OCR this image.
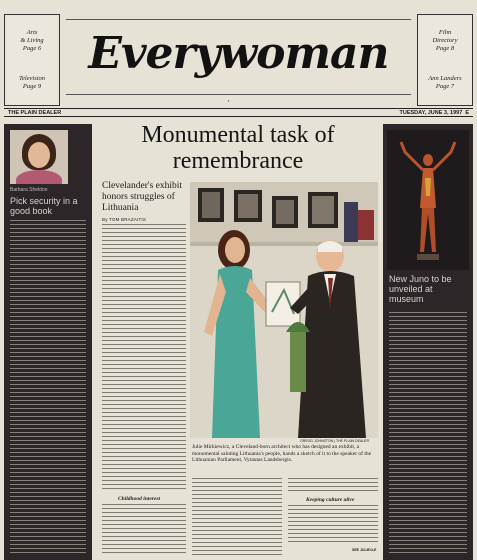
Arts
& Living
Page 6
Television
Page 9
Everywoman	Film
Directory
Page 8
Ann Landers
Page 7
THE PLAIN DEALER	TUESDAY, JUNE 3, 1997 E
Barbara Sheldon
Pick security in a good book
New Juno to be unveiled at museum
Monumental task of remembrance
Clevelander's exhibit honors struggles of Lithuania
By TOM BRAZAITIS
Childhood interest
GREGG JOHNSTON | THE PLAIN DEALER
Julie Mirkiewicz, a Cleveland-born architect who has designed an exhibit, a monumental saluting Lithuania's people, hands a sketch of it to the speaker of the Lithuanian Parliament, Vytautas Landsbergis.
Keeping culture alive
SEE JULIE/4-E
▪
